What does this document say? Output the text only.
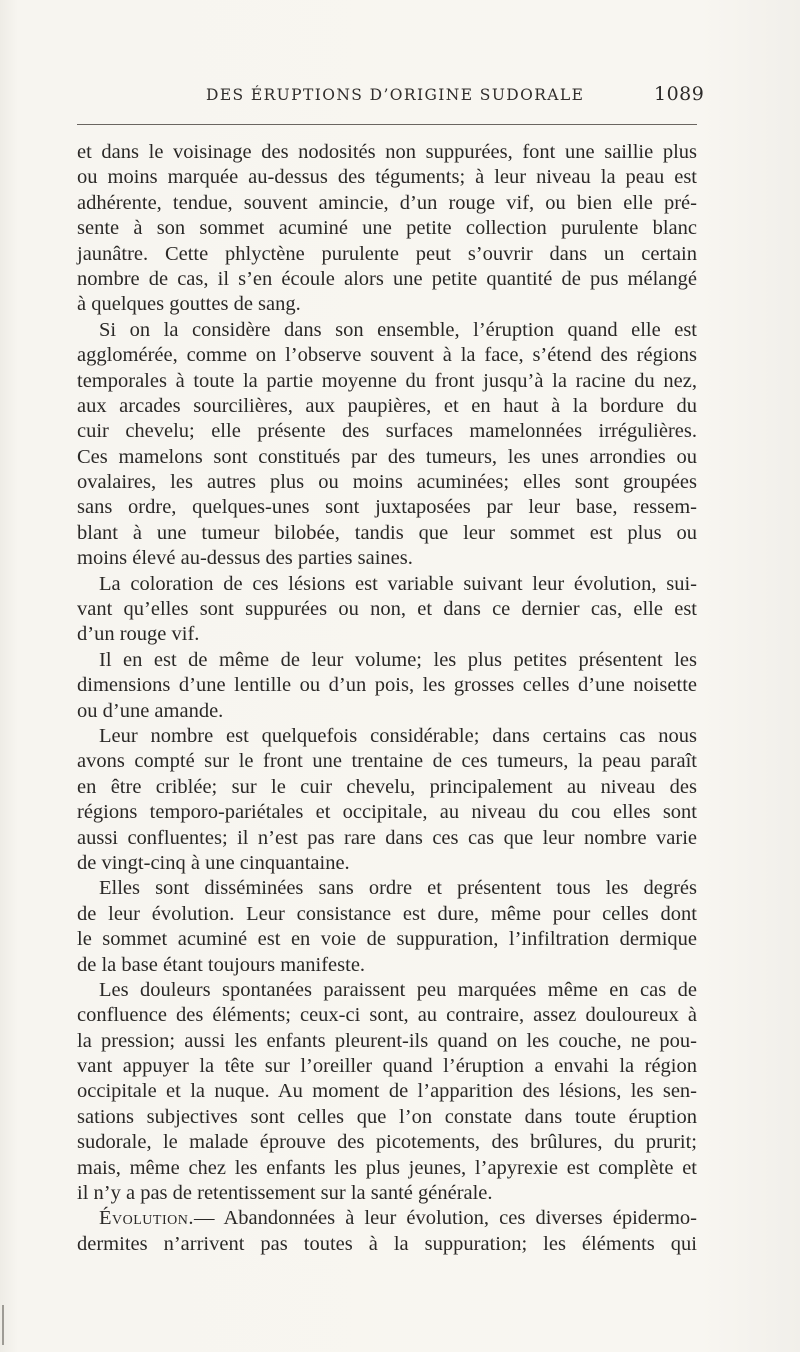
DES ÉRUPTIONS D’ORIGINE SUDORALE	1089
et dans le voisinage des nodosités non suppurées, font une saillie plus
ou moins marquée au-dessus des téguments; à leur niveau la peau est
adhérente, tendue, souvent amincie, d’un rouge vif, ou bien elle pré-
sente à son sommet acuminé une petite collection purulente blanc
jaunâtre. Cette phlyctène purulente peut s’ouvrir dans un certain
nombre de cas, il s’en écoule alors une petite quantité de pus mélangé
à quelques gouttes de sang.
Si on la considère dans son ensemble, l’éruption quand elle est
agglomérée, comme on l’observe souvent à la face, s’étend des régions
temporales à toute la partie moyenne du front jusqu’à la racine du nez,
aux arcades sourcilières, aux paupières, et en haut à la bordure du
cuir chevelu; elle présente des surfaces mamelonnées irrégulières.
Ces mamelons sont constitués par des tumeurs, les unes arrondies ou
ovalaires, les autres plus ou moins acuminées; elles sont groupées
sans ordre, quelques-unes sont juxtaposées par leur base, ressem-
blant à une tumeur bilobée, tandis que leur sommet est plus ou
moins élevé au-dessus des parties saines.
La coloration de ces lésions est variable suivant leur évolution, sui-
vant qu’elles sont suppurées ou non, et dans ce dernier cas, elle est
d’un rouge vif.
Il en est de même de leur volume; les plus petites présentent les
dimensions d’une lentille ou d’un pois, les grosses celles d’une noisette
ou d’une amande.
Leur nombre est quelquefois considérable; dans certains cas nous
avons compté sur le front une trentaine de ces tumeurs, la peau paraît
en être criblée; sur le cuir chevelu, principalement au niveau des
régions temporo-pariétales et occipitale, au niveau du cou elles sont
aussi confluentes; il n’est pas rare dans ces cas que leur nombre varie
de vingt-cinq à une cinquantaine.
Elles sont disséminées sans ordre et présentent tous les degrés
de leur évolution. Leur consistance est dure, même pour celles dont
le sommet acuminé est en voie de suppuration, l’infiltration dermique
de la base étant toujours manifeste.
Les douleurs spontanées paraissent peu marquées même en cas de
confluence des éléments; ceux-ci sont, au contraire, assez douloureux à
la pression; aussi les enfants pleurent-ils quand on les couche, ne pou-
vant appuyer la tête sur l’oreiller quand l’éruption a envahi la région
occipitale et la nuque. Au moment de l’apparition des lésions, les sen-
sations subjectives sont celles que l’on constate dans toute éruption
sudorale, le malade éprouve des picotements, des brûlures, du prurit;
mais, même chez les enfants les plus jeunes, l’apyrexie est complète et
il n’y a pas de retentissement sur la santé générale.
Évolution.— Abandonnées à leur évolution, ces diverses épidermo-
dermites n’arrivent pas toutes à la suppuration; les éléments qui
